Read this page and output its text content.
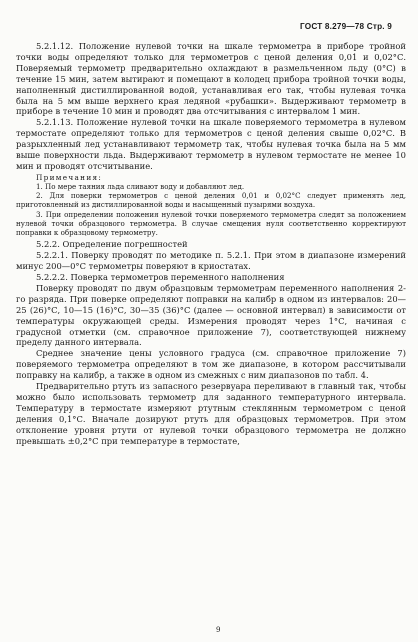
ГОСТ 8.279—78 Стр. 9

5.2.1.12. Положение нулевой точки на шкале термометра в приборе тройной точки воды определяют только для термометров с ценой деления 0,01 и 0,02°С. Поверяемый термометр предварительно охлаждают в размельченном льду (0°С) в течение 15 мин, затем вытирают и помещают в колодец прибора тройной точки воды, наполненный дистиллированной водой, устанавливая его так, чтобы нулевая точка была на 5 мм выше верхнего края ледяной «рубашки». Выдерживают термометр в приборе в течение 10 мин и проводят два отсчитывания с интервалом 1 мин.

5.2.1.13. Положение нулевой точки на шкале поверяемого термометра в нулевом термостате определяют только для термометров с ценой деления свыше 0,02°С. В разрыхленный лед устанавливают термометр так, чтобы нулевая точка была на 5 мм выше поверхности льда. Выдерживают термометр в нулевом термостате не менее 10 мин и проводят отсчитывание.

Примечания:

1. По мере таяния льда сливают воду и добавляют лед.

2. Для поверки термометров с ценой деления 0,01 и 0,02°С следует применять лед, приготовленный из дистиллированной воды и насыщенный пузырями воздуха.

3. При определении положения нулевой точки поверяемого термометра следят за положением нулевой точки образцового термометра. В случае смещения нуля соответственно корректируют поправки к образцовому термометру.

5.2.2. Определение погрешностей

5.2.2.1. Поверку проводят по методике п. 5.2.1. При этом в диапазоне измерений минус 200—0°С термометры поверяют в криостатах.

5.2.2.2. Поверка термометров переменного наполнения

Поверку проводят по двум образцовым термометрам переменного наполнения 2-го разряда. При поверке определяют поправки на калибр в одном из интервалов: 20—25 (26)°С, 10—15 (16)°С, 30—35 (36)°С (далее — основной интервал) в зависимости от температуры окружающей среды. Измерения проводят через 1°С, начиная с градусной отметки (см. справочное приложение 7), соответствующей нижнему пределу данного интервала.

Среднее значение цены условного градуса (см. справочное приложение 7) поверяемого термометра определяют в том же диапазоне, в котором рассчитывали поправку на калибр, а также в одном из смежных с ним диапазонов по табл. 4.

Предварительно ртуть из запасного резервуара переливают в главный так, чтобы можно было использовать термометр для заданного температурного интервала. Температуру в термостате измеряют ртутным стеклянным термометром с ценой деления 0,1°С. Вначале дозируют ртуть для образцовых термометров. При этом отклонение уровня ртути от нулевой точки образцового термометра не должно превышать ±0,2°С при температуре в термостате,

9
